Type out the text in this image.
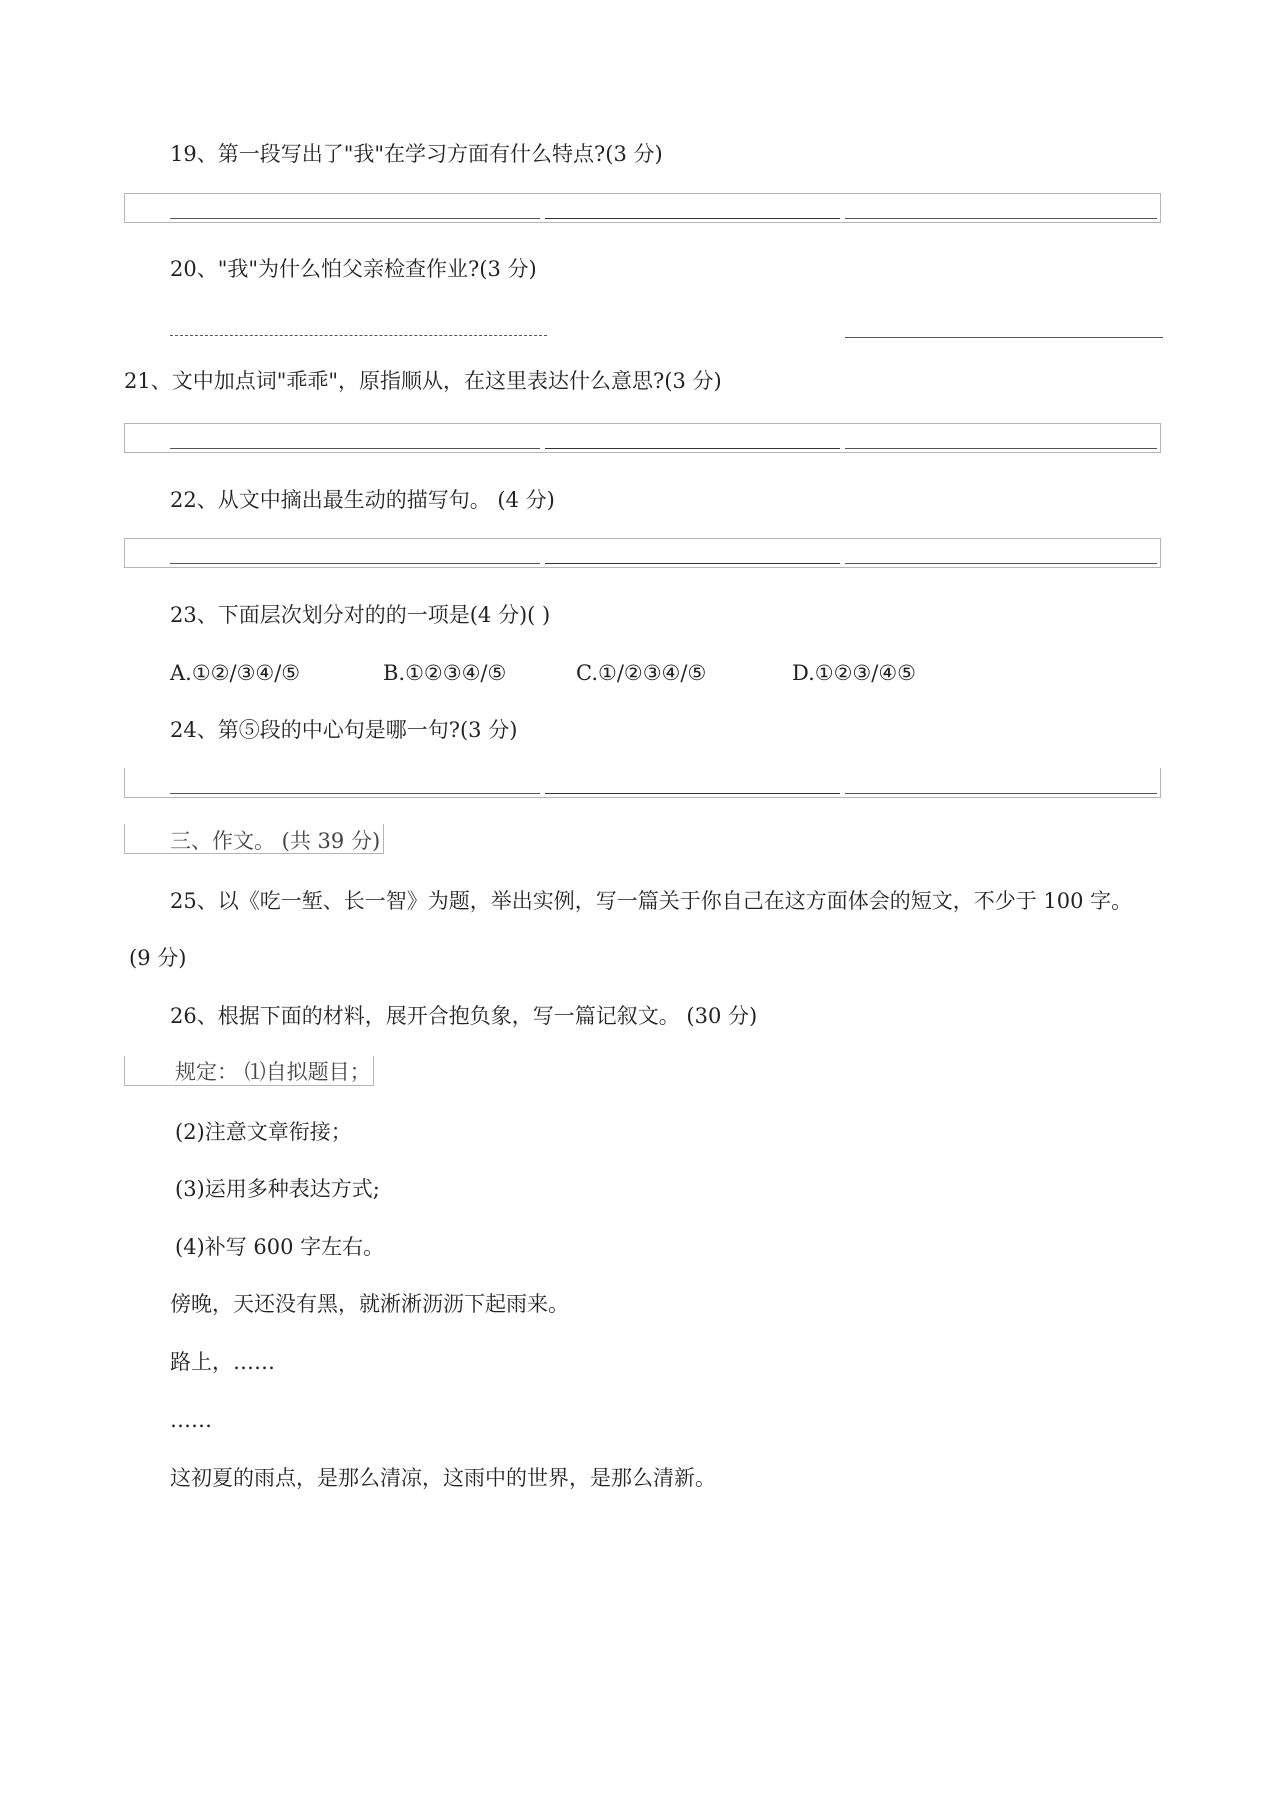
19、第一段写出了"我"在学习方面有什么特点?(3 分)

20、"我"为什么怕父亲检查作业?(3 分)

21、文中加点词"乖乖"，原指顺从，在这里表达什么意思?(3 分)

22、从文中摘出最生动的描写句。 (4 分)

23、下面层次划分对的的一项是(4 分)( )

A.①②/③④/⑤	B.①②③④/⑤	C.①/②③④/⑤	D.①②③/④⑤

24、第⑤段的中心句是哪一句?(3 分)

三、作文。 (共 39 分)

25、以《吃一堑、长一智》为题，举出实例，写一篇关于你自己在这方面体会的短文，不少于 100 字。

(9 分)

26、根据下面的材料，展开合抱负象，写一篇记叙文。 (30 分)

规定： ⑴自拟题目；

(2)注意文章衔接；

(3)运用多种表达方式;

(4)补写 600 字左右。

傍晚，天还没有黑，就淅淅沥沥下起雨来。

路上，……

……

这初夏的雨点，是那么清凉，这雨中的世界，是那么清新。
